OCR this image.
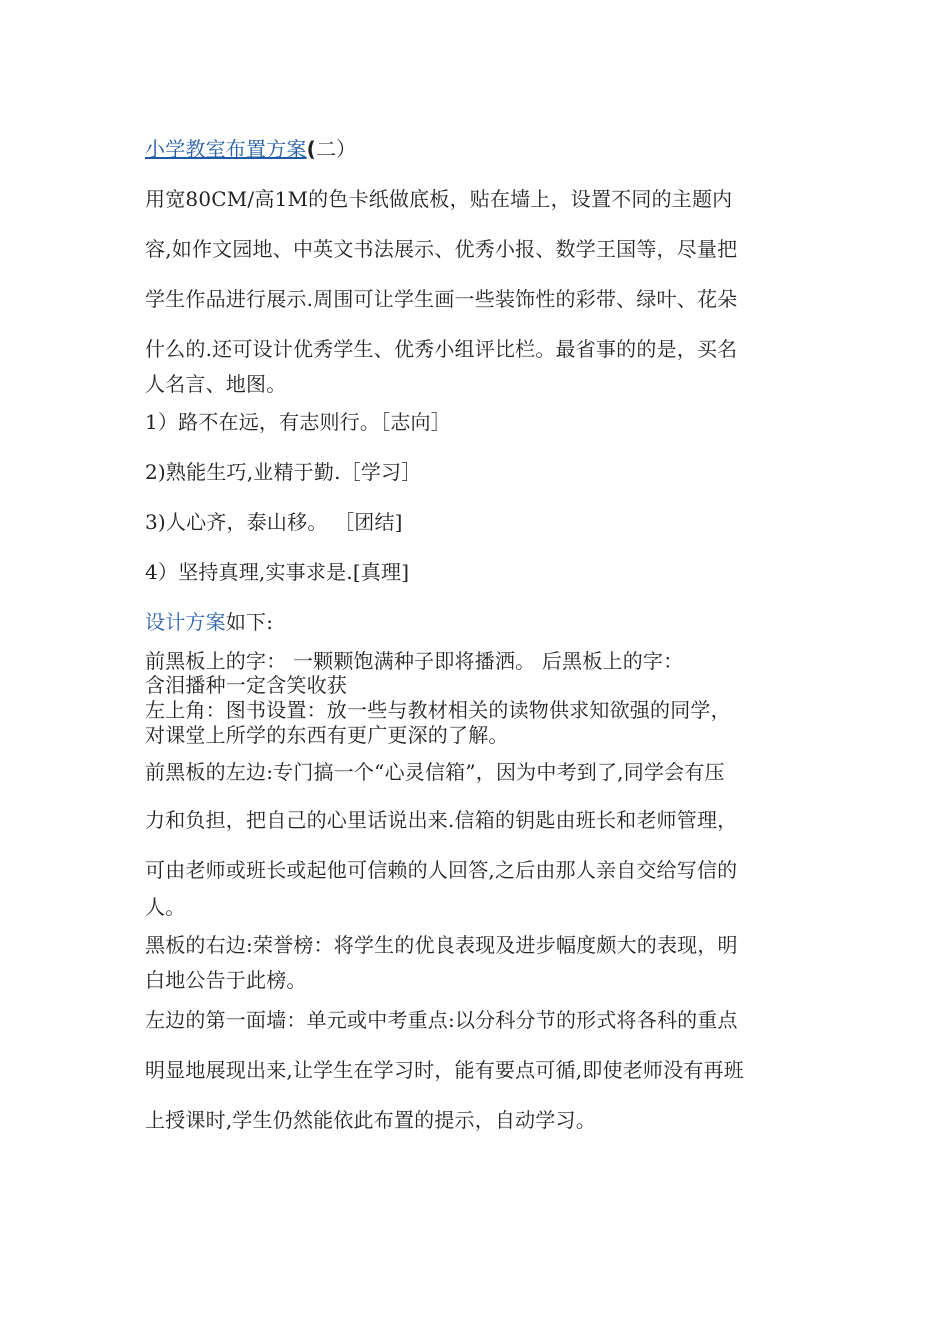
小学教室布置方案(二）
用宽80CM/高1M的色卡纸做底板，贴在墙上，设置不同的主题内
容,如作文园地、中英文书法展示、优秀小报、数学王国等，尽量把
学生作品进行展示.周围可让学生画一些装饰性的彩带、绿叶、花朵
什么的.还可设计优秀学生、优秀小组评比栏。最省事的的是，买名
人名言、地图。
1）路不在远，有志则行。［志向］
2)熟能生巧,业精于勤.［学习］
3)人心齐，泰山移。 ［团结]
4）坚持真理,实事求是.[真理]
设计方案如下:
前黑板上的字： 一颗颗饱满种子即将播洒。 后黑板上的字：
含泪播种一定含笑收获
左上角：图书设置：放一些与教材相关的读物供求知欲强的同学，
对课堂上所学的东西有更广更深的了解。
前黑板的左边:专门搞一个“心灵信箱”，因为中考到了,同学会有压
力和负担，把自己的心里话说出来.信箱的钥匙由班长和老师管理，
可由老师或班长或起他可信赖的人回答,之后由那人亲自交给写信的
人。
黑板的右边:荣誉榜：将学生的优良表现及进步幅度颇大的表现，明
白地公告于此榜。
左边的第一面墙：单元或中考重点:以分科分节的形式将各科的重点
明显地展现出来,让学生在学习时，能有要点可循,即使老师没有再班
上授课时,学生仍然能依此布置的提示，自动学习。
